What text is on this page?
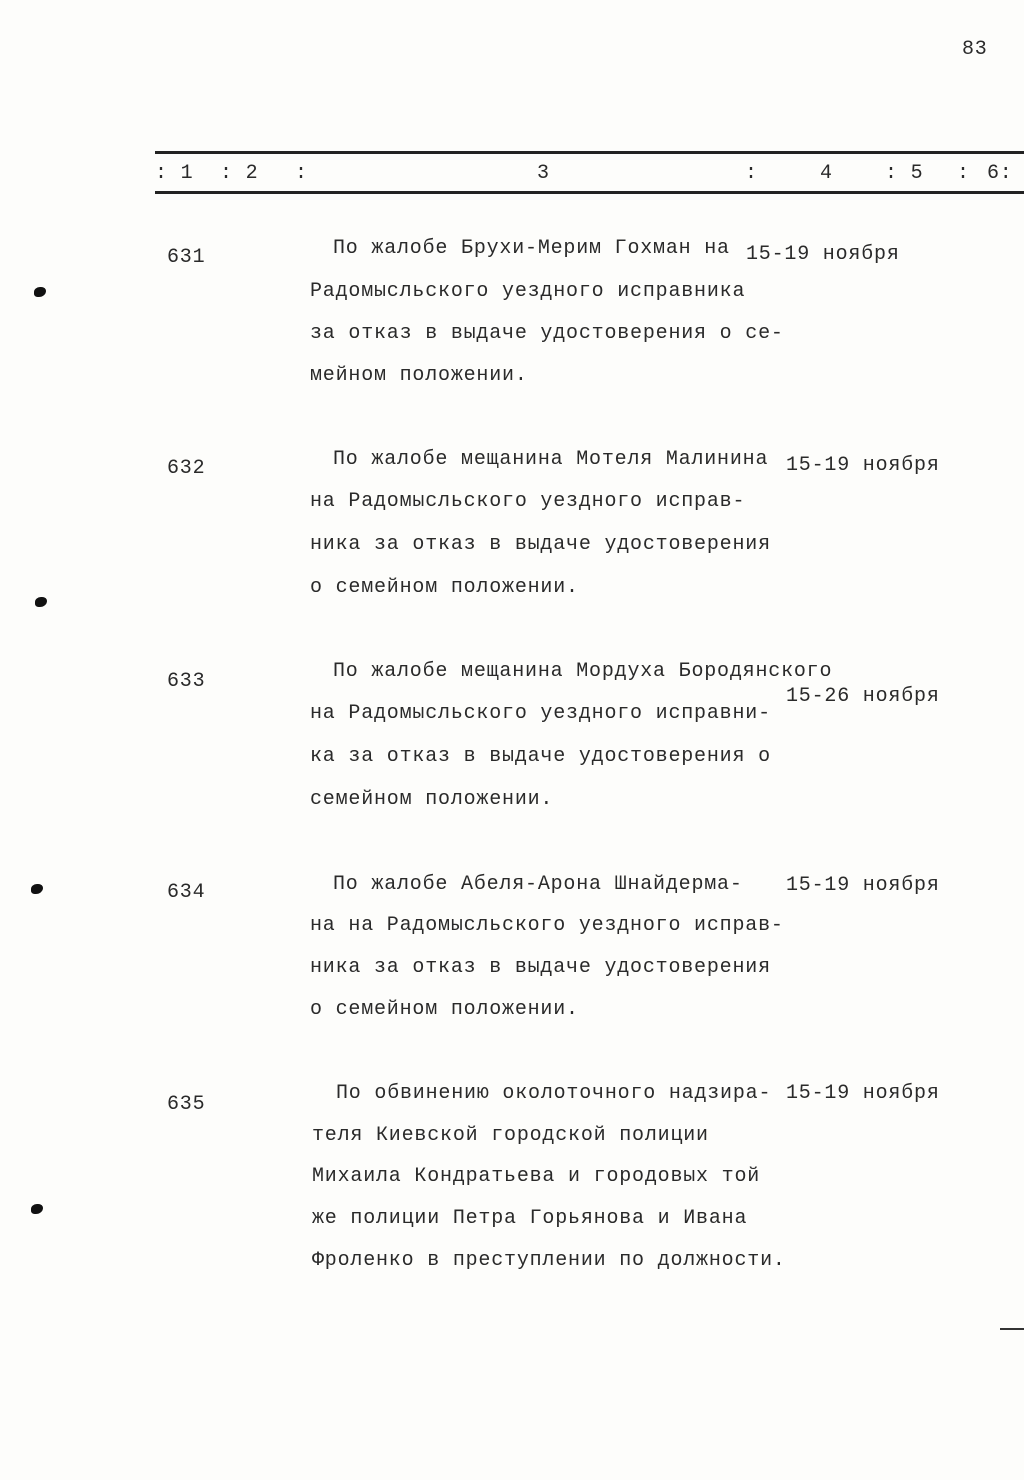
83
: 1 : 2 :	3	:	4	: 5 : 6:
631	По жалобе Брухи-Мерим Гохман на
Радомысльского уездного исправника
за отказ в выдаче удостоверения о се-
мейном положении.
15-19 ноября
632	По жалобе мещанина Мотеля Малинина
на Радомысльского уездного исправ-
ника за отказ в выдаче удостоверения
о семейном положении.
15-19 ноября
633	По жалобе мещанина Мордуха Бородянского
на Радомысльского уездного исправни-
ка за отказ в выдаче удостоверения о
семейном положении.
15-26 ноября
634	По жалобе Абеля-Арона Шнайдерма-
на на Радомысльского уездного исправ-
ника за отказ в выдаче удостоверения
о семейном положении.
15-19 ноября
635	По обвинению околоточного надзира-
теля Киевской городской полиции
Михаила Кондратьева и городовых той
же полиции Петра Горьянова и Ивана
Фроленко в преступлении по должности.
15-19 ноября
